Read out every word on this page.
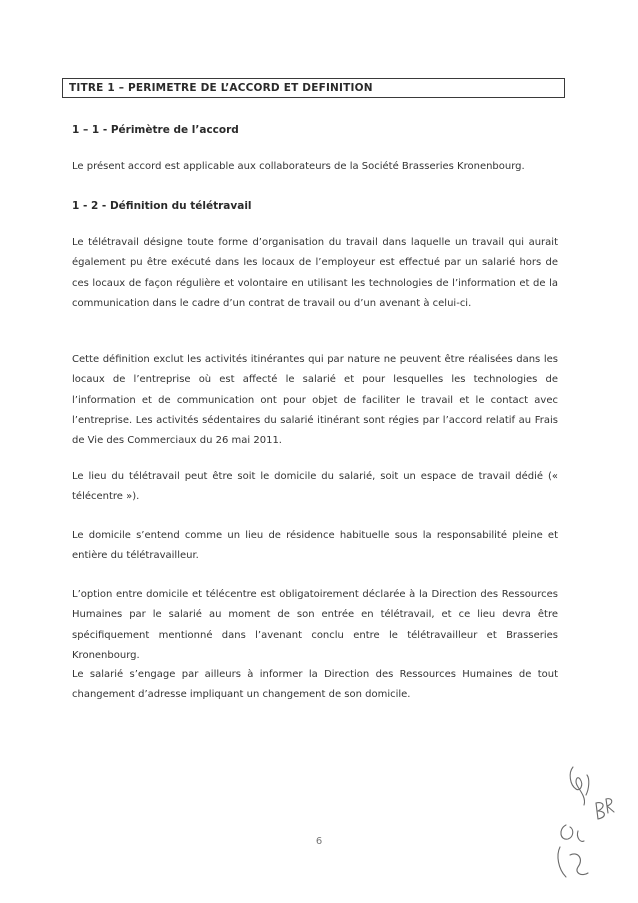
TITRE 1 – PERIMETRE DE L’ACCORD ET DEFINITION
1 – 1 - Périmètre de l’accord
Le présent accord est applicable aux collaborateurs de la Société Brasseries Kronenbourg.
1 - 2 - Définition du télétravail
Le télétravail désigne toute forme d’organisation du travail dans laquelle un travail qui aurait également pu être exécuté dans les locaux de l’employeur est effectué par un salarié hors de ces locaux de façon régulière et volontaire en utilisant les technologies de l’information et de la communication dans le cadre d’un contrat de travail ou d’un avenant à celui-ci.
Cette définition exclut les activités itinérantes qui par nature ne peuvent être réalisées dans les locaux de l’entreprise où est affecté le salarié et pour lesquelles les technologies de l’information et de communication ont pour objet de faciliter le travail et le contact avec l’entreprise. Les activités sédentaires du salarié itinérant sont régies par l’accord relatif au Frais de Vie des Commerciaux du 26 mai 2011.
Le lieu du télétravail peut être soit le domicile du salarié, soit un espace de travail dédié (« télécentre »).
Le domicile s’entend comme un lieu de résidence habituelle sous la responsabilité pleine et entière du télétravailleur.
L’option entre domicile et télécentre est obligatoirement déclarée à la Direction des Ressources Humaines par le salarié au moment de son entrée en télétravail, et ce lieu devra être spécifiquement mentionné dans l’avenant conclu entre le télétravailleur et Brasseries Kronenbourg.
Le salarié s’engage par ailleurs à informer la Direction des Ressources Humaines de tout changement d’adresse impliquant un changement de son domicile.
6
